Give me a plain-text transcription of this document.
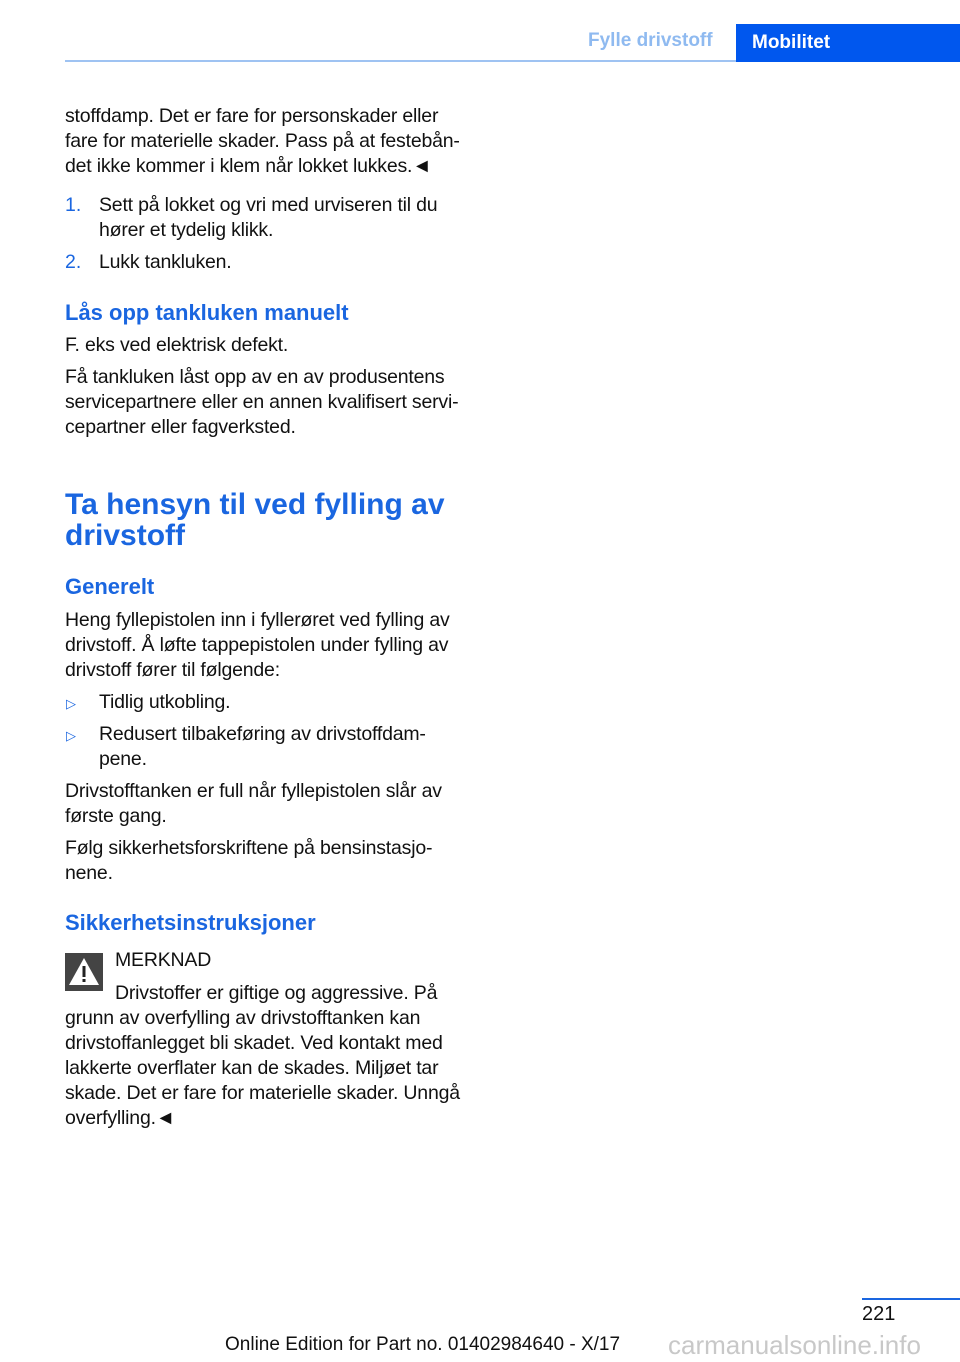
Fylle drivstoff	Mobilitet
stoffdamp. Det er fare for personskader eller
fare for materielle skader. Pass på at festebån-
det ikke kommer i klem når lokket lukkes.◄
1. Sett på lokket og vri med urviseren til du
hører et tydelig klikk.
2. Lukk tankluken.
Lås opp tankluken manuelt
F. eks ved elektrisk defekt.
Få tankluken låst opp av en av produsentens
servicepartnere eller en annen kvalifisert servi-
cepartner eller fagverksted.
Ta hensyn til ved fylling av
drivstoff
Generelt
Heng fyllepistolen inn i fyllerøret ved fylling av
drivstoff. Å løfte tappepistolen under fylling av
drivstoff fører til følgende:
▷ Tidlig utkobling.
▷ Redusert tilbakeføring av drivstoffdam-
pene.
Drivstofftanken er full når fyllepistolen slår av
første gang.
Følg sikkerhetsforskriftene på bensinstasjo-
nene.
Sikkerhetsinstruksjoner
MERKNAD
Drivstoffer er giftige og aggressive. På
grunn av overfylling av drivstofftanken kan
drivstoffanlegget bli skadet. Ved kontakt med
lakkerte overflater kan de skades. Miljøet tar
skade. Det er fare for materielle skader. Unngå
overfylling.◄
221
Online Edition for Part no. 01402984640 - X/17 carmanualsonline.info
